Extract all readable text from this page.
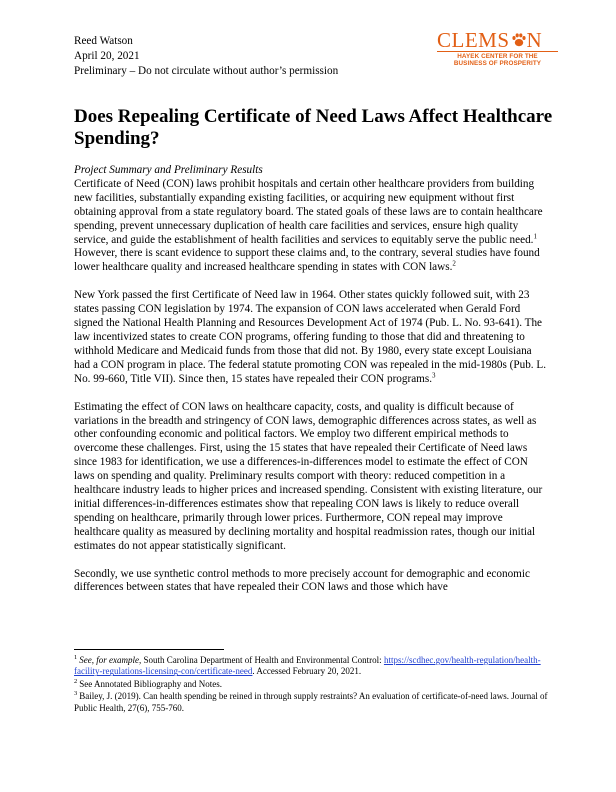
Reed Watson
April 20, 2021
Preliminary – Do not circulate without author’s permission
CLEMS N
HAYEK CENTER FOR THE
BUSINESS OF PROSPERITY
Does Repealing Certificate of Need Laws Affect Healthcare Spending?

Project Summary and Preliminary Results
Certificate of Need (CON) laws prohibit hospitals and certain other healthcare providers from building new facilities, substantially expanding existing facilities, or acquiring new equipment without first obtaining approval from a state regulatory board. The stated goals of these laws are to contain healthcare spending, prevent unnecessary duplication of health care facilities and services, ensure high quality service, and guide the establishment of health facilities and services to equitably serve the public need.$^1$ However, there is scant evidence to support these claims and, to the contrary, several studies have found lower healthcare quality and increased healthcare spending in states with CON laws.$^2$

New York passed the first Certificate of Need law in 1964. Other states quickly followed suit, with 23 states passing CON legislation by 1974. The expansion of CON laws accelerated when Gerald Ford signed the National Health Planning and Resources Development Act of 1974 (Pub. L. No. 93-641). The law incentivized states to create CON programs, offering funding to those that did and threatening to withhold Medicare and Medicaid funds from those that did not. By 1980, every state except Louisiana had a CON program in place. The federal statute promoting CON was repealed in the mid-1980s (Pub. L. No. 99-660, Title VII). Since then, 15 states have repealed their CON programs.$^3$

Estimating the effect of CON laws on healthcare capacity, costs, and quality is difficult because of variations in the breadth and stringency of CON laws, demographic differences across states, as well as other confounding economic and political factors. We employ two different empirical methods to overcome these challenges. First, using the 15 states that have repealed their Certificate of Need laws since 1983 for identification, we use a differences-in-differences model to estimate the effect of CON laws on spending and quality. Preliminary results comport with theory: reduced competition in a healthcare industry leads to higher prices and increased spending. Consistent with existing literature, our initial differences-in-differences estimates show that repealing CON laws is likely to reduce overall spending on healthcare, primarily through lower prices. Furthermore, CON repeal may improve healthcare quality as measured by declining mortality and hospital readmission rates, though our initial estimates do not appear statistically significant.

Secondly, we use synthetic control methods to more precisely account for demographic and economic differences between states that have repealed their CON laws and those which have

$^1$ See, for example, South Carolina Department of Health and Environmental Control: https://scdhec.gov/health-regulation/health-facility-regulations-licensing-con/certificate-need. Accessed February 20, 2021.
$^2$ See Annotated Bibliography and Notes.
$^3$ Bailey, J. (2019). Can health spending be reined in through supply restraints? An evaluation of certificate-of-need laws. Journal of Public Health, 27(6), 755-760.
